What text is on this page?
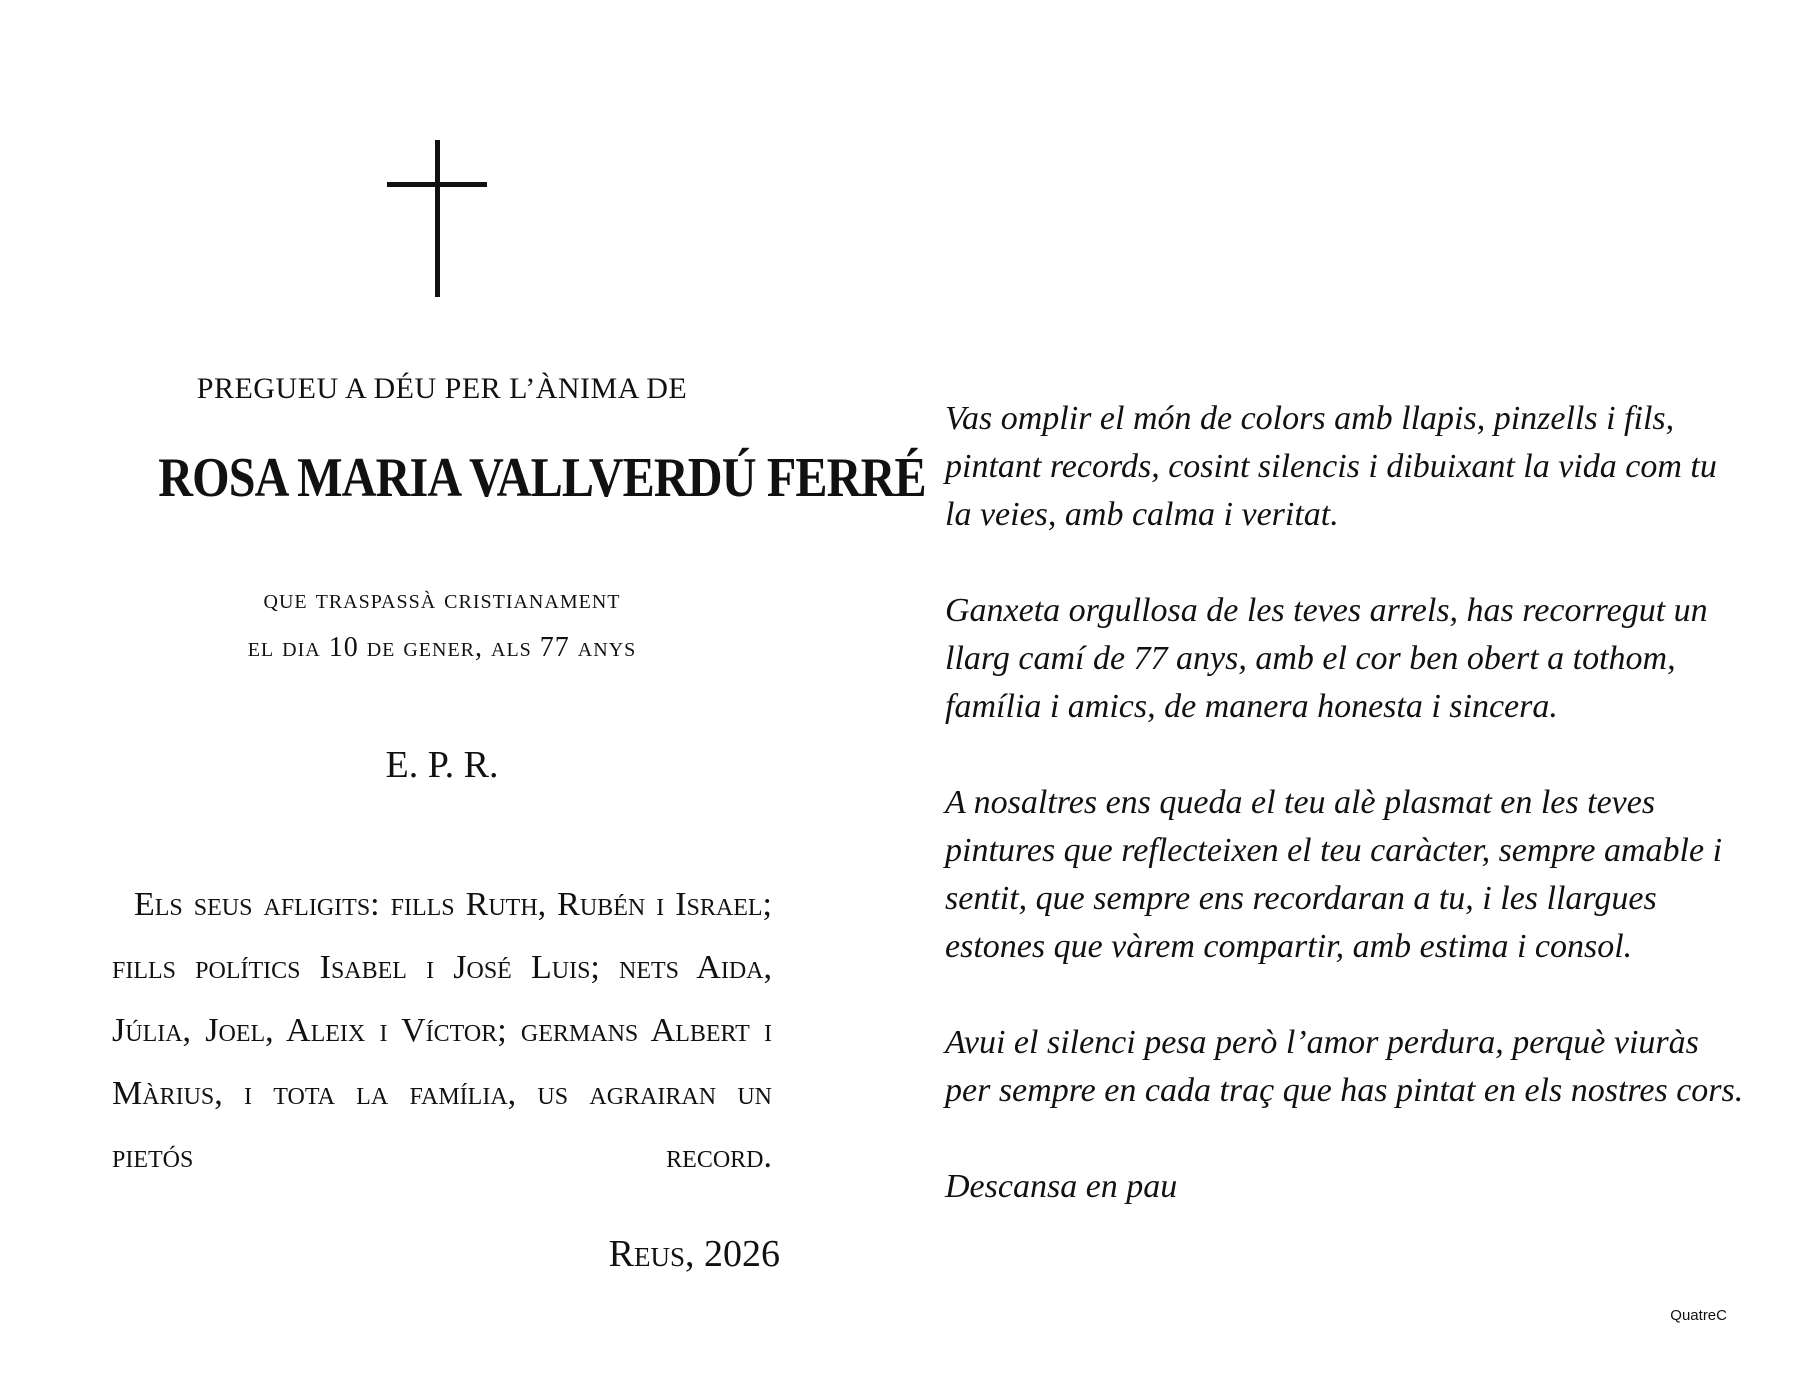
PREGUEU A DÉU PER L’ÀNIMA DE
ROSA MARIA VALLVERDÚ FERRÉ
que traspassà cristianament
el dia 10 de gener, als 77 anys
E. P. R.
Els seus afligits: fills Ruth, Rubén i Israel; fills polítics Isabel i José Luis; nets Aida, Júlia, Joel, Aleix i Víctor; germans Albert i Màrius, i tota la família, us agrairan un pietós record.
Reus, 2026

Vas omplir el món de colors amb llapis, pinzells i fils, pintant records, cosint silencis i dibuixant la vida com tu la veies, amb calma i veritat.

Ganxeta orgullosa de les teves arrels, has recorregut un llarg camí de 77 anys, amb el cor ben obert a tothom, família i amics, de manera honesta i sincera.

A nosaltres ens queda el teu alè plasmat en les teves pintures que reflecteixen el teu caràcter, sempre amable i sentit, que sempre ens recordaran a tu, i les llargues estones que vàrem compartir, amb estima i consol.

Avui el silenci pesa però l’amor perdura, perquè viuràs per sempre en cada traç que has pintat en els nostres cors.

Descansa en pau

QuatreC
